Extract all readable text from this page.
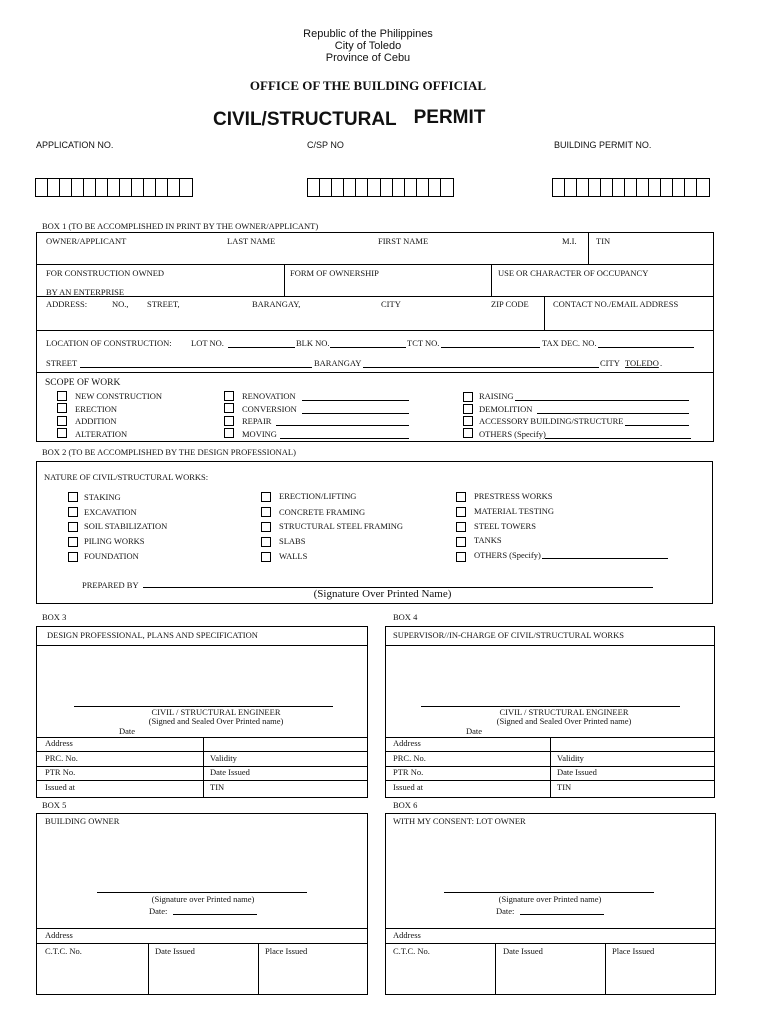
Republic of the Philippines
City of Toledo
Province of Cebu
OFFICE OF THE BUILDING OFFICIAL
CIVIL/STRUCTURAL PERMIT
APPLICATION NO.	C/SP NO	BUILDING PERMIT NO.
BOX 1 (TO BE ACCOMPLISHED IN PRINT BY THE OWNER/APPLICANT)
OWNER/APPLICANT	LAST NAME	FIRST NAME	M.I. TIN
FOR CONSTRUCTION OWNED
BY AN ENTERPRISE
FORM OF OWNERSHIP	USE OR CHARACTER OF OCCUPANCY
ADDRESS:	NO., STREET,	BARANGAY,	CITY	ZIP CODE	CONTACT NO./EMAIL ADDRESS
LOCATION OF CONSTRUCTION: LOT NO.	BLK NO.	TCT NO.	TAX DEC. NO.
STREET	BARANGAY	CITY TOLEDO .
SCOPE OF WORK
NEW CONSTRUCTION
ERECTION
ADDITION
ALTERATION
RENOVATION
CONVERSION
REPAIR
MOVING
RAISING
DEMOLITION
ACCESSORY BUILDING/STRUCTURE
OTHERS (Specify)
BOX 2 (TO BE ACCOMPLISHED BY THE DESIGN PROFESSIONAL)
NATURE OF CIVIL/STRUCTURAL WORKS:
STAKING
EXCAVATION
SOIL STABILIZATION
PILING WORKS
FOUNDATION
ERECTION/LIFTING
CONCRETE FRAMING
STRUCTURAL STEEL FRAMING
SLABS
WALLS
PRESTRESS WORKS
MATERIAL TESTING
STEEL TOWERS
TANKS
OTHERS (Specify)
PREPARED BY
(Signature Over Printed Name)
BOX 3
DESIGN PROFESSIONAL, PLANS AND SPECIFICATION
CIVIL / STRUCTURAL ENGINEER
(Signed and Sealed Over Printed name)
Date
Address
PRC. No.	Validity
PTR No.	Date Issued
Issued at	TIN
BOX 4
SUPERVISOR//IN-CHARGE OF CIVIL/STRUCTURAL WORKS
CIVIL / STRUCTURAL ENGINEER
(Signed and Sealed Over Printed name)
Date
Address
PRC. No.	Validity
PTR No.	Date Issued
Issued at	TIN
BOX 5
BUILDING OWNER
(Signature over Printed name)
Date:
Address
C.T.C. No.	Date Issued	Place Issued
BOX 6
WITH MY CONSENT: LOT OWNER
(Signature over Printed name)
Date:
Address
C.T.C. No.	Date Issued	Place Issued
